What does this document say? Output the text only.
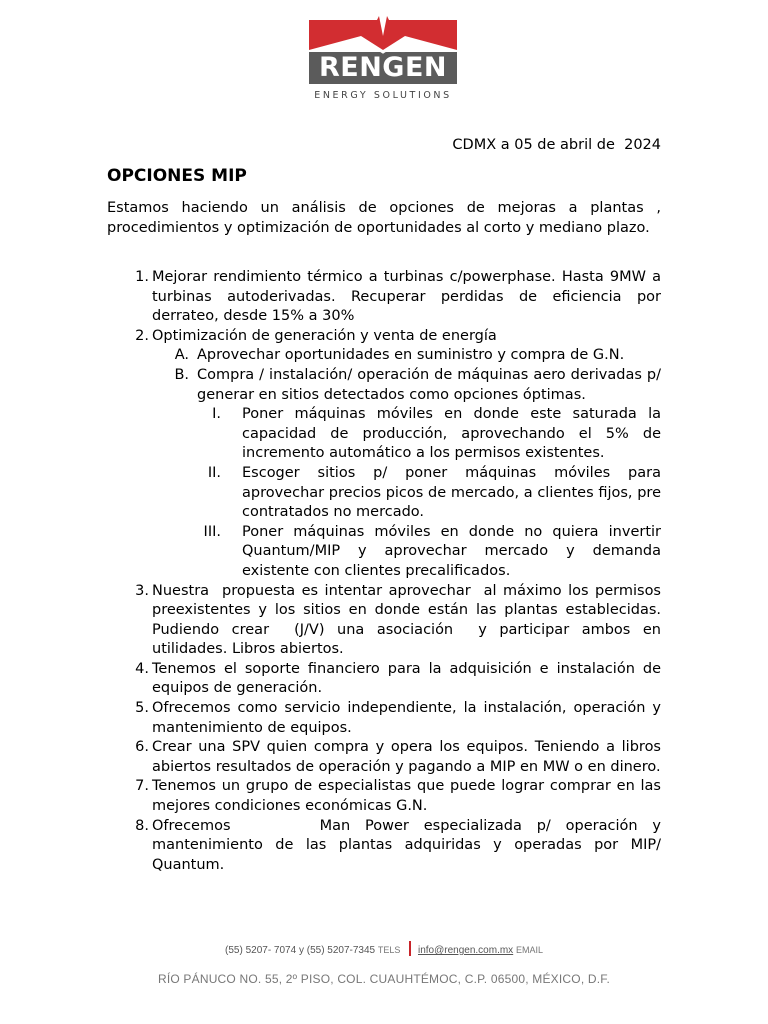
RENGEN
ENERGY SOLUTIONS
CDMX a 05 de abril de  2024
OPCIONES MIP
Estamos haciendo un análisis de opciones de mejoras a plantas , procedimientos y optimización de oportunidades al corto y mediano plazo.
1. Mejorar rendimiento térmico a turbinas c/powerphase. Hasta 9MW a turbinas autoderivadas. Recuperar perdidas de eficiencia por derrateo, desde 15% a 30%
2. Optimización de generación y venta de energía
A. Aprovechar oportunidades en suministro y compra de G.N.
B. Compra / instalación/ operación de máquinas aero derivadas p/ generar en sitios detectados como opciones óptimas.
I. Poner máquinas móviles en donde este saturada la capacidad de producción, aprovechando el 5% de incremento automático a los permisos existentes.
II. Escoger sitios p/ poner máquinas móviles para aprovechar precios picos de mercado, a clientes fijos, pre contratados no mercado.
III. Poner máquinas móviles en donde no quiera invertir Quantum/MIP y aprovechar mercado y demanda existente con clientes precalificados.
3. Nuestra  propuesta es intentar aprovechar  al máximo los permisos preexistentes y los sitios en donde están las plantas establecidas. Pudiendo crear  (J/V) una asociación  y participar ambos en utilidades. Libros abiertos.
4. Tenemos el soporte financiero para la adquisición e instalación de equipos de generación.
5. Ofrecemos como servicio independiente, la instalación, operación y mantenimiento de equipos.
6. Crear una SPV quien compra y opera los equipos. Teniendo a libros abiertos resultados de operación y pagando a MIP en MW o en dinero.
7. Tenemos un grupo de especialistas que puede lograr comprar en las mejores condiciones económicas G.N.
8. Ofrecemos      Man Power especializada p/ operación y mantenimiento de las plantas adquiridas y operadas por MIP/ Quantum.
(55) 5207- 7074 y (55) 5207-7345 TELS info@rengen.com.mx EMAIL
RÍO PÁNUCO NO. 55, 2º PISO, COL. CUAUHTÉMOC, C.P. 06500, MÉXICO, D.F.
